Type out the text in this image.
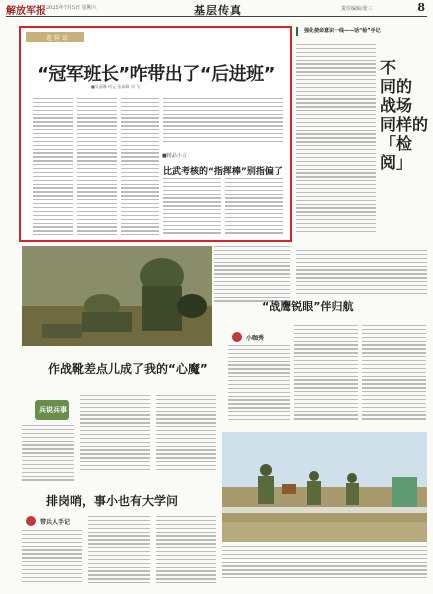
解放军报 2025年7月5日 星期六	基层传真	责任编辑/张三	8
连 营 话
“冠军班长”咋带出了“后进班”
■吴丽琳 何元 张高峰 刘 飞
■精品小言
比武考核的“指挥棒”别指偏了
强化使命意识一线——话“检”手记
不
同的
战场
同样的
「检
阅」
“战鹰锐眼”伴归航
小咖秀
作战靴差点儿成了我的“心魔”
兵说兵事
排岗哨，事小也有大学问
带兵人手记
